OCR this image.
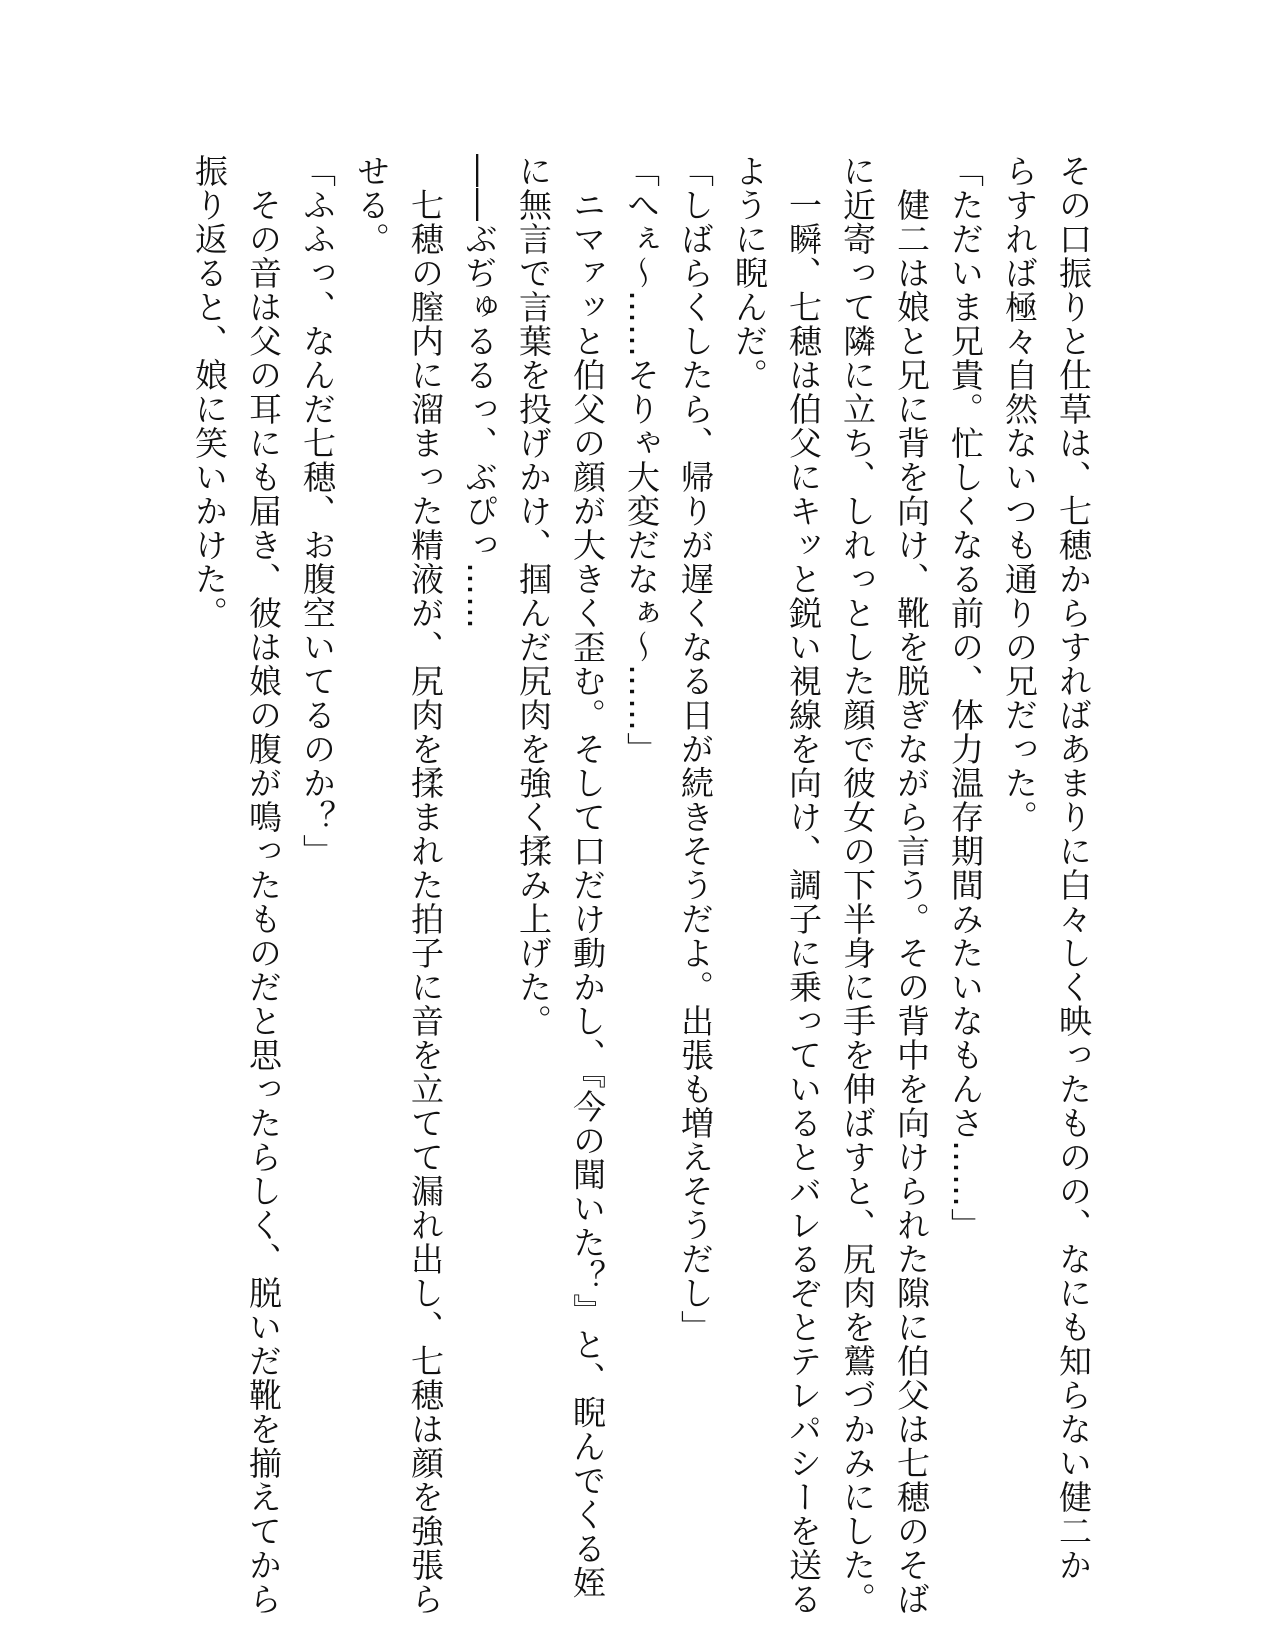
その口振りと仕草は、七穂からすればあまりに白々しく映ったものの、なにも知らない健二か
らすれば極々自然ないつも通りの兄だった。
「ただいま兄貴。忙しくなる前の、体力温存期間みたいなもんさ……」
　健二は娘と兄に背を向け、靴を脱ぎながら言う。その背中を向けられた隙に伯父は七穂のそば
に近寄って隣に立ち、しれっとした顔で彼女の下半身に手を伸ばすと、尻肉を鷲づかみにした。
　一瞬、七穂は伯父にキッと鋭い視線を向け、調子に乗っているとバレるぞとテレパシーを送る
ように睨んだ。
「しばらくしたら、帰りが遅くなる日が続きそうだよ。出張も増えそうだし」
「へぇ～……そりゃ大変だなぁ～……」
　ニマァッと伯父の顔が大きく歪む。そして口だけ動かし、『今の聞いた？』と、睨んでくる姪
に無言で言葉を投げかけ、掴んだ尻肉を強く揉み上げた。
――ぶぢゅるるっ、ぶぴっ……
　七穂の膣内に溜まった精液が、尻肉を揉まれた拍子に音を立てて漏れ出し、七穂は顔を強張ら
せる。
「ふふっ、なんだ七穂、お腹空いてるのか？」
　その音は父の耳にも届き、彼は娘の腹が鳴ったものだと思ったらしく、脱いだ靴を揃えてから
振り返ると、娘に笑いかけた。
